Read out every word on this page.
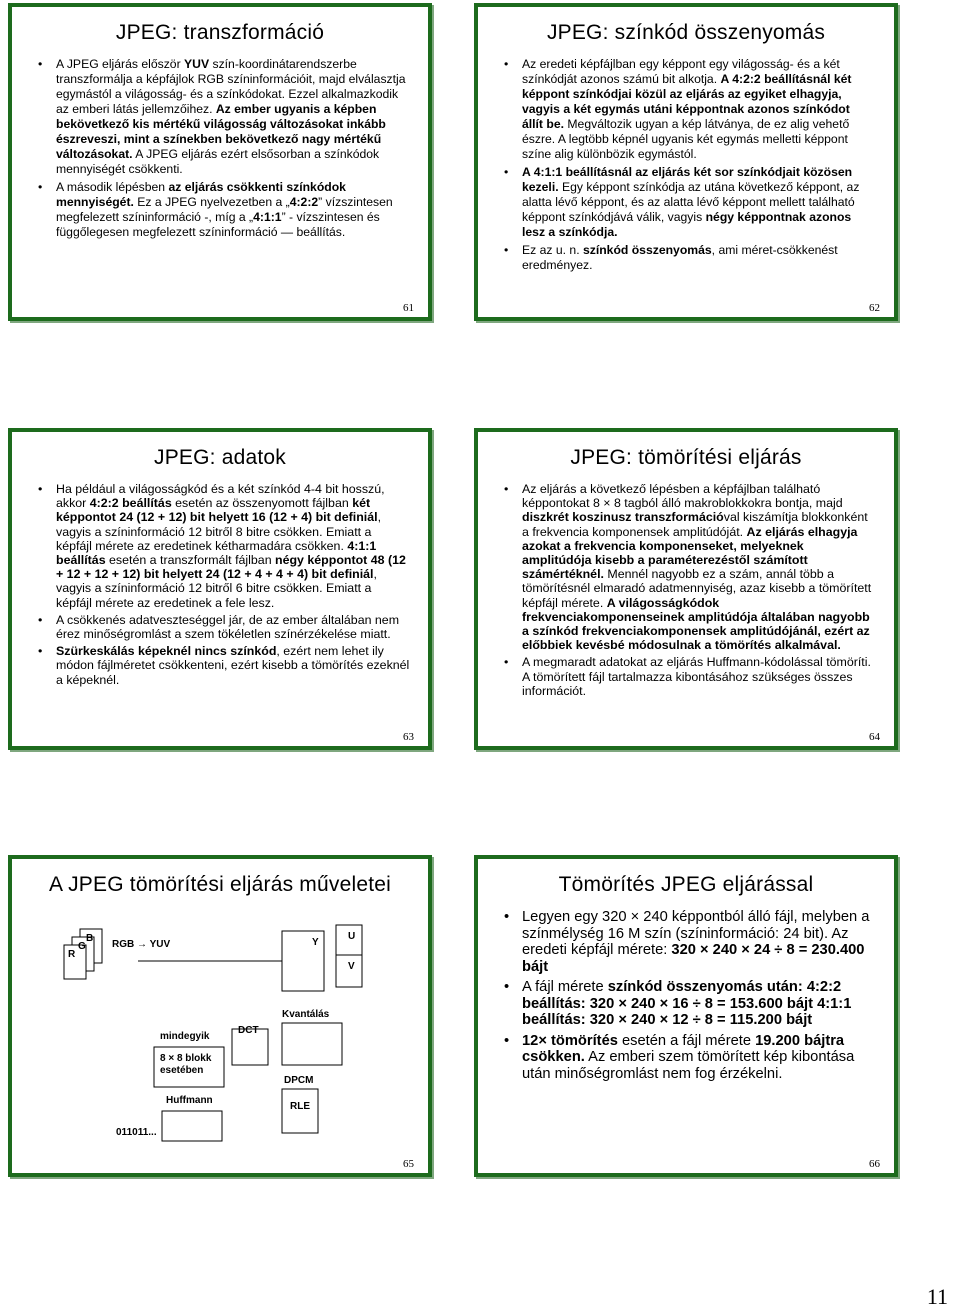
JPEG: transzformáció
• A JPEG eljárás először YUV szín-koordinátarendszerbe transzformálja a képfájlok RGB színinformációit, majd elválasztja egymástól a világosság- és a színkódokat. Ezzel alkalmazkodik az emberi látás jellemzőihez. Az ember ugyanis a képben bekövetkező kis mértékű világosság változásokat inkább észreveszi, mint a színekben bekövetkező nagy mértékű változásokat. A JPEG eljárás ezért elsősorban a színkódok mennyiségét csökkenti.
• A második lépésben az eljárás csökkenti színkódok mennyiségét. Ez a JPEG nyelvezetben a „4:2:2” vízszintesen megfelezett színinformáció -, míg a „4:1:1” - vízszintesen és függőlegesen megfelezett színinformáció — beállítás.
61
JPEG: színkód összenyomás
• Az eredeti képfájlban egy képpont egy világosság- és a két színkódját azonos számú bit alkotja. A 4:2:2 beállításnál két képpont színkódjai közül az eljárás az egyiket elhagyja, vagyis a két egymás utáni képpontnak azonos színkódot állít be. Megváltozik ugyan a kép látványa, de ez alig vehető észre. A legtöbb képnél ugyanis két egymás melletti képpont színe alig különbözik egymástól.
• A 4:1:1 beállításnál az eljárás két sor színkódjait közösen kezeli. Egy képpont színkódja az utána következő képpont, az alatta lévő képpont, és az alatta lévő képpont mellett található képpont színkódjává válik, vagyis négy képpontnak azonos lesz a színkódja.
• Ez az u. n. színkód összenyomás, ami méret-csökkenést eredményez.
62
JPEG: adatok
• Ha például a világosságkód és a két színkód 4-4 bit hosszú, akkor 4:2:2 beállítás esetén az összenyomott fájlban két képpontot 24 (12 + 12) bit helyett 16 (12 + 4) bit definiál, vagyis a színinformáció 12 bitről 8 bitre csökken. Emiatt a képfájl mérete az eredetinek kétharmadára csökken. 4:1:1 beállítás esetén a transzformált fájlban négy képpontot 48 (12 + 12 + 12 + 12) bit helyett 24 (12 + 4 + 4 + 4) bit definiál, vagyis a színinformáció 12 bitről 6 bitre csökken. Emiatt a képfájl mérete az eredetinek a fele lesz.
• A csökkenés adatveszteséggel jár, de az ember általában nem érez minőségromlást a szem tökéletlen színérzékelése miatt.
• Szürkeskálás képeknél nincs színkód, ezért nem lehet ily módon fájlméretet csökkenteni, ezért kisebb a tömörítés ezeknél a képeknél.
63
JPEG: tömörítési eljárás
• Az eljárás a következő lépésben a képfájlban található képpontokat 8 × 8 tagból álló makroblokkokra bontja, majd diszkrét koszinusz transzformációval kiszámítja blokkonként a frekvencia komponensek amplitúdóját. Az eljárás elhagyja azokat a frekvencia komponenseket, melyeknek amplitúdója kisebb a paraméterezéstől számított számértéknél. Mennél nagyobb ez a szám, annál több a tömörítésnél elmaradó adatmennyiség, azaz kisebb a tömörített képfájl mérete. A világosságkódok frekvenciakomponenseinek amplitúdója általában nagyobb a színkód frekvenciakomponensek amplitúdójánál, ezért az előbbiek kevésbé módosulnak a tömörítés alkalmával.
• A megmaradt adatokat az eljárás Huffmann-kódolással tömöríti. A tömörített fájl tartalmazza kibontásához szükséges összes információt.
64
A JPEG tömörítési eljárás műveletei
B
G
R
RGB → YUV	Y
U
V
mindegyik
8 × 8 blokk
esetében
DCT
Kvantálás
DPCM
RLE
Huffmann
011011...
65
Tömörítés JPEG eljárással
• Legyen egy 320 × 240 képpontból álló fájl, melyben a színmélység 16 M szín (színinformáció: 24 bit). Az eredeti képfájl mérete: 320 × 240 × 24 ÷ 8 = 230.400 bájt
• A fájl mérete színkód összenyomás után: 4:2:2 beállítás: 320 × 240 × 16 ÷ 8 = 153.600 bájt 4:1:1 beállítás: 320 × 240 × 12 ÷ 8 = 115.200 bájt
• 12× tömörítés esetén a fájl mérete 19.200 bájtra csökken. Az emberi szem tömörített kép kibontása után minőségromlást nem fog érzékelni.
66
11
